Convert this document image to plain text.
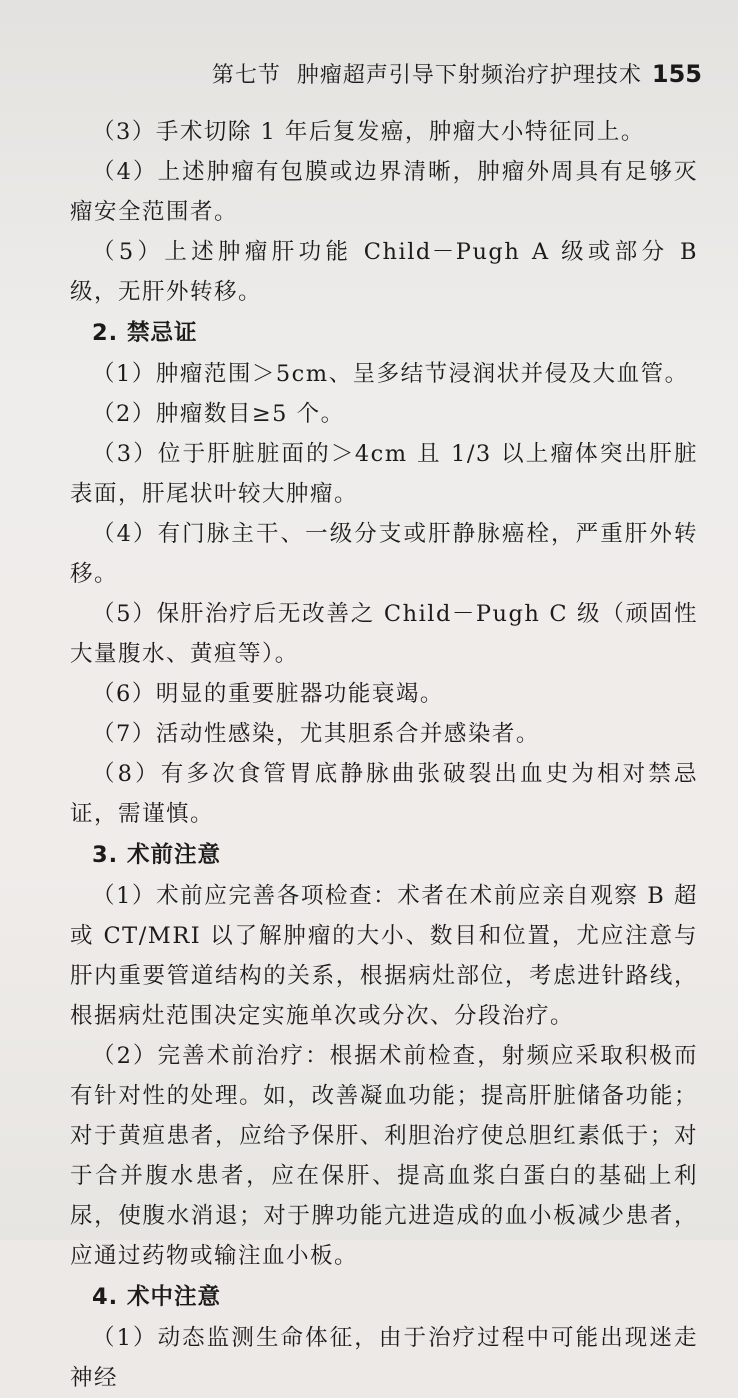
第七节 肿瘤超声引导下射频治疗护理技术 155

（3）手术切除 1 年后复发癌，肿瘤大小特征同上。

（4）上述肿瘤有包膜或边界清晰，肿瘤外周具有足够灭瘤安全范围者。

（5）上述肿瘤肝功能 Child－Pugh A 级或部分 B 级，无肝外转移。

2. 禁忌证

（1）肿瘤范围＞5cm、呈多结节浸润状并侵及大血管。

（2）肿瘤数目≥5 个。

（3）位于肝脏脏面的＞4cm 且 1/3 以上瘤体突出肝脏表面，肝尾状叶较大肿瘤。

（4）有门脉主干、一级分支或肝静脉癌栓，严重肝外转移。

（5）保肝治疗后无改善之 Child－Pugh C 级（顽固性大量腹水、黄疸等）。

（6）明显的重要脏器功能衰竭。

（7）活动性感染，尤其胆系合并感染者。

（8）有多次食管胃底静脉曲张破裂出血史为相对禁忌证，需谨慎。

3. 术前注意

（1）术前应完善各项检查：术者在术前应亲自观察 B 超或 CT/MRI 以了解肿瘤的大小、数目和位置，尤应注意与肝内重要管道结构的关系，根据病灶部位，考虑进针路线，根据病灶范围决定实施单次或分次、分段治疗。

（2）完善术前治疗：根据术前检查，射频应采取积极而有针对性的处理。如，改善凝血功能；提高肝脏储备功能；对于黄疸患者，应给予保肝、利胆治疗使总胆红素低于；对于合并腹水患者，应在保肝、提高血浆白蛋白的基础上利尿，使腹水消退；对于脾功能亢进造成的血小板减少患者，应通过药物或输注血小板。

4. 术中注意

（1）动态监测生命体征，由于治疗过程中可能出现迷走神经
